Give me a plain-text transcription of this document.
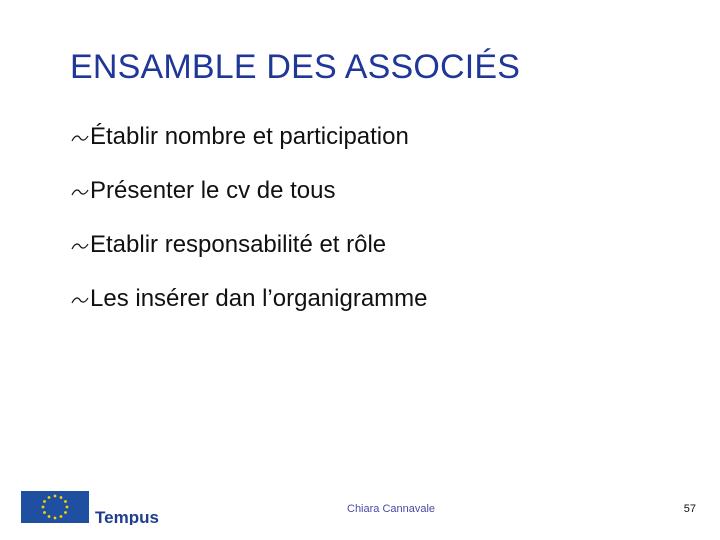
ENSAMBLE DES ASSOCIÉS
Établir nombre et participation
Présenter le cv de tous
Etablir responsabilité et rôle
Les insérer dan l’organigramme
Tempus	Chiara Cannavale	57
